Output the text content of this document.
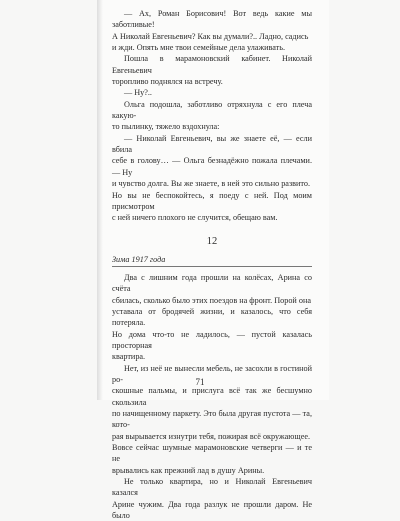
— Ах, Роман Борисович! Вот ведь какие мы заботливые!

А Николай Евгеньевич? Как вы думали?.. Ладно, садись

и жди. Опять мне твои семейные дела улаживать.

Пошла в марамоновский кабинет. Николай Евгеньевич

торопливо поднялся на встречу.

— Ну?..

Ольга подошла, заботливо отряхнула с его плеча какую-

то пылинку, тяжело вздохнула:

— Николай Евгеньевич, вы же знаете её, — если вбила

себе в голову… — Ольга безнадёжно пожала плечами. — Ну

и чувство долга. Вы же знаете, в ней это сильно развито.

Но вы не беспокойтесь, я поеду с ней. Под моим присмотром

с ней ничего плохого не случится, обещаю вам.

12
Зима 1917 года

Два с лишним года прошли на колёсах, Арина со счёта

сбилась, сколько было этих поездов на фронт. Порой она

уставала от бродячей жизни, и казалось, что себя потеряла.

Но дома что-то не ладилось, — пустой казалась просторная

квартира.

Нет, из неё не вынесли мебель, не засохли в гостиной ро-

скошные пальмы, и прислуга всё так же бесшумно скользила

по начищенному паркету. Это была другая пустота — та, кото-

рая вырывается изнутри тебя, пожирая всё окружающее.

Вовсе сейчас шумные марамоновские четверги — и те не

врывались как прежний лад в душу Арины.

Не только квартира, но и Николай Евгеньевич казался

Арине чужим. Два года разлук не прошли даром. Не было

71
